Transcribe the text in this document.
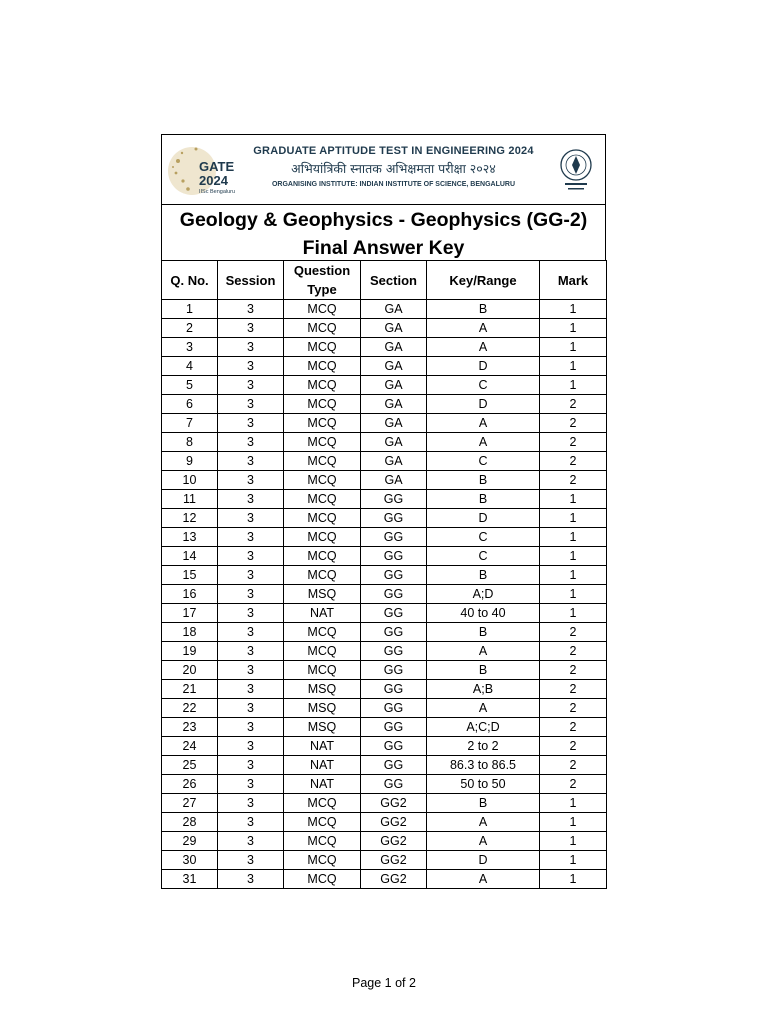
GATE
2024
IISc Bengaluru
GRADUATE APTITUDE TEST IN ENGINEERING 2024
अभियांत्रिकी स्नातक अभिक्षमता परीक्षा २०२४
ORGANISING INSTITUTE: INDIAN INSTITUTE OF SCIENCE, BENGALURU
Geology & Geophysics - Geophysics (GG-2)
Final Answer Key
Q. No.	Session	Question Type	Section	Key/Range	Mark
1	3	MCQ	GA	B	1
2	3	MCQ	GA	A	1
3	3	MCQ	GA	A	1
4	3	MCQ	GA	D	1
5	3	MCQ	GA	C	1
6	3	MCQ	GA	D	2
7	3	MCQ	GA	A	2
8	3	MCQ	GA	A	2
9	3	MCQ	GA	C	2
10	3	MCQ	GA	B	2
11	3	MCQ	GG	B	1
12	3	MCQ	GG	D	1
13	3	MCQ	GG	C	1
14	3	MCQ	GG	C	1
15	3	MCQ	GG	B	1
16	3	MSQ	GG	A;D	1
17	3	NAT	GG	40 to 40	1
18	3	MCQ	GG	B	2
19	3	MCQ	GG	A	2
20	3	MCQ	GG	B	2
21	3	MSQ	GG	A;B	2
22	3	MSQ	GG	A	2
23	3	MSQ	GG	A;C;D	2
24	3	NAT	GG	2 to 2	2
25	3	NAT	GG	86.3 to 86.5	2
26	3	NAT	GG	50 to 50	2
27	3	MCQ	GG2	B	1
28	3	MCQ	GG2	A	1
29	3	MCQ	GG2	A	1
30	3	MCQ	GG2	D	1
31	3	MCQ	GG2	A	1
Page 1 of 2
